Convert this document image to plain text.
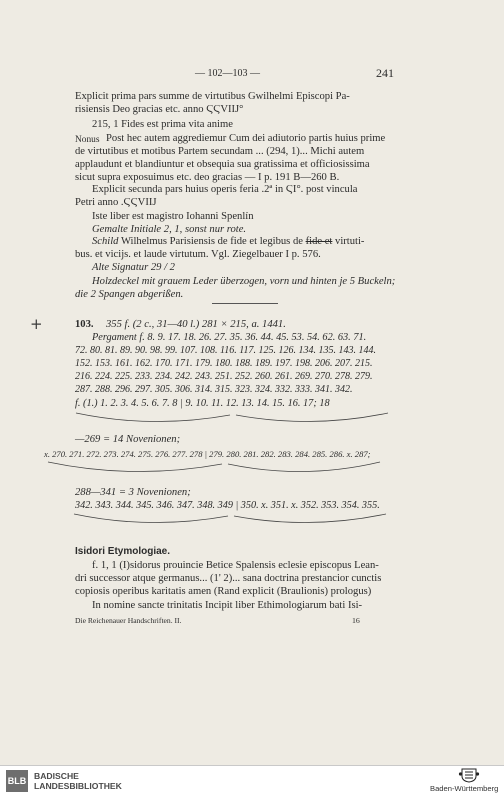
— 102—103 —	241
Explicit prima pars summe de virtutibus Gwilhelmi Episcopi Pa-
risiensis Deo gracias etc. anno ϚϚVIIJ°
215, 1 Fides est prima vita anime
Nonus Post hec autem aggrediemur Cum dei adiutorio partis huius prime
de virtutibus et motibus Partem secundam ... (294, 1)... Michi autem
applaudunt et blandiuntur et obsequia sua gratissima et officiosissima
sicut supra exposuimus etc. deo gracias — I p. 191 B—260 B.
Explicit secunda pars huius operis feria .2ª in ϚI°. post vincula
Petri anno .ϚϚVIIJ
Iste liber est magistro Iohanni Spenlín
Gemalte Initiale 2, 1, sonst nur rote.
Schild Wilhelmus Parisiensis de fide et legibus de fide et virtuti-
bus. et vicijs. et laude virtutum. Vgl. Ziegelbauer I p. 576.
Alte Signatur 29 / 2
Holzdeckel mit grauem Leder überzogen, vorn und hinten je 5 Buckeln;
die 2 Spangen abgerißen.
+	103. 355 f. (2 c., 31—40 l.) 281 × 215, a. 1441.
Pergament f. 8. 9. 17. 18. 26. 27. 35. 36. 44. 45. 53. 54. 62. 63. 71.
72. 80. 81. 89. 90. 98. 99. 107. 108. 116. 117. 125. 126. 134. 135. 143. 144.
152. 153. 161. 162. 170. 171. 179. 180. 188. 189. 197. 198. 206. 207. 215.
216. 224. 225. 233. 234. 242. 243. 251. 252. 260. 261. 269. 270. 278. 279.
287. 288. 296. 297. 305. 306. 314. 315. 323. 324. 332. 333. 341. 342.
f. (1.) 1. 2. 3. 4. 5. 6. 7. 8 | 9. 10. 11. 12. 13. 14. 15. 16. 17; 18
—269 = 14 Novenionen;
x. 270. 271. 272. 273. 274. 275. 276. 277. 278 | 279. 280. 281. 282. 283. 284. 285. 286. x. 287;
288—341 = 3 Novenionen;
342. 343. 344. 345. 346. 347. 348. 349 | 350. x. 351. x. 352. 353. 354. 355.
Isidori Etymologiae.
f. 1, 1 (I)sidorus prouincie Betice Spalensis eclesie episcopus Lean-
dri successor atque germanus... (1' 2)... sana doctrina prestancior cunctis
copiosis operibus karitatis amen (Rand explicit (Braulionis) prologus)
In nomine sancte trinitatis Incipit liber Ethimologiarum bati Isi-
Die Reichenauer Handschriften. II.	16
BLB BADISCHE
LANDESBIBLIOTHEK	Baden-Württemberg
